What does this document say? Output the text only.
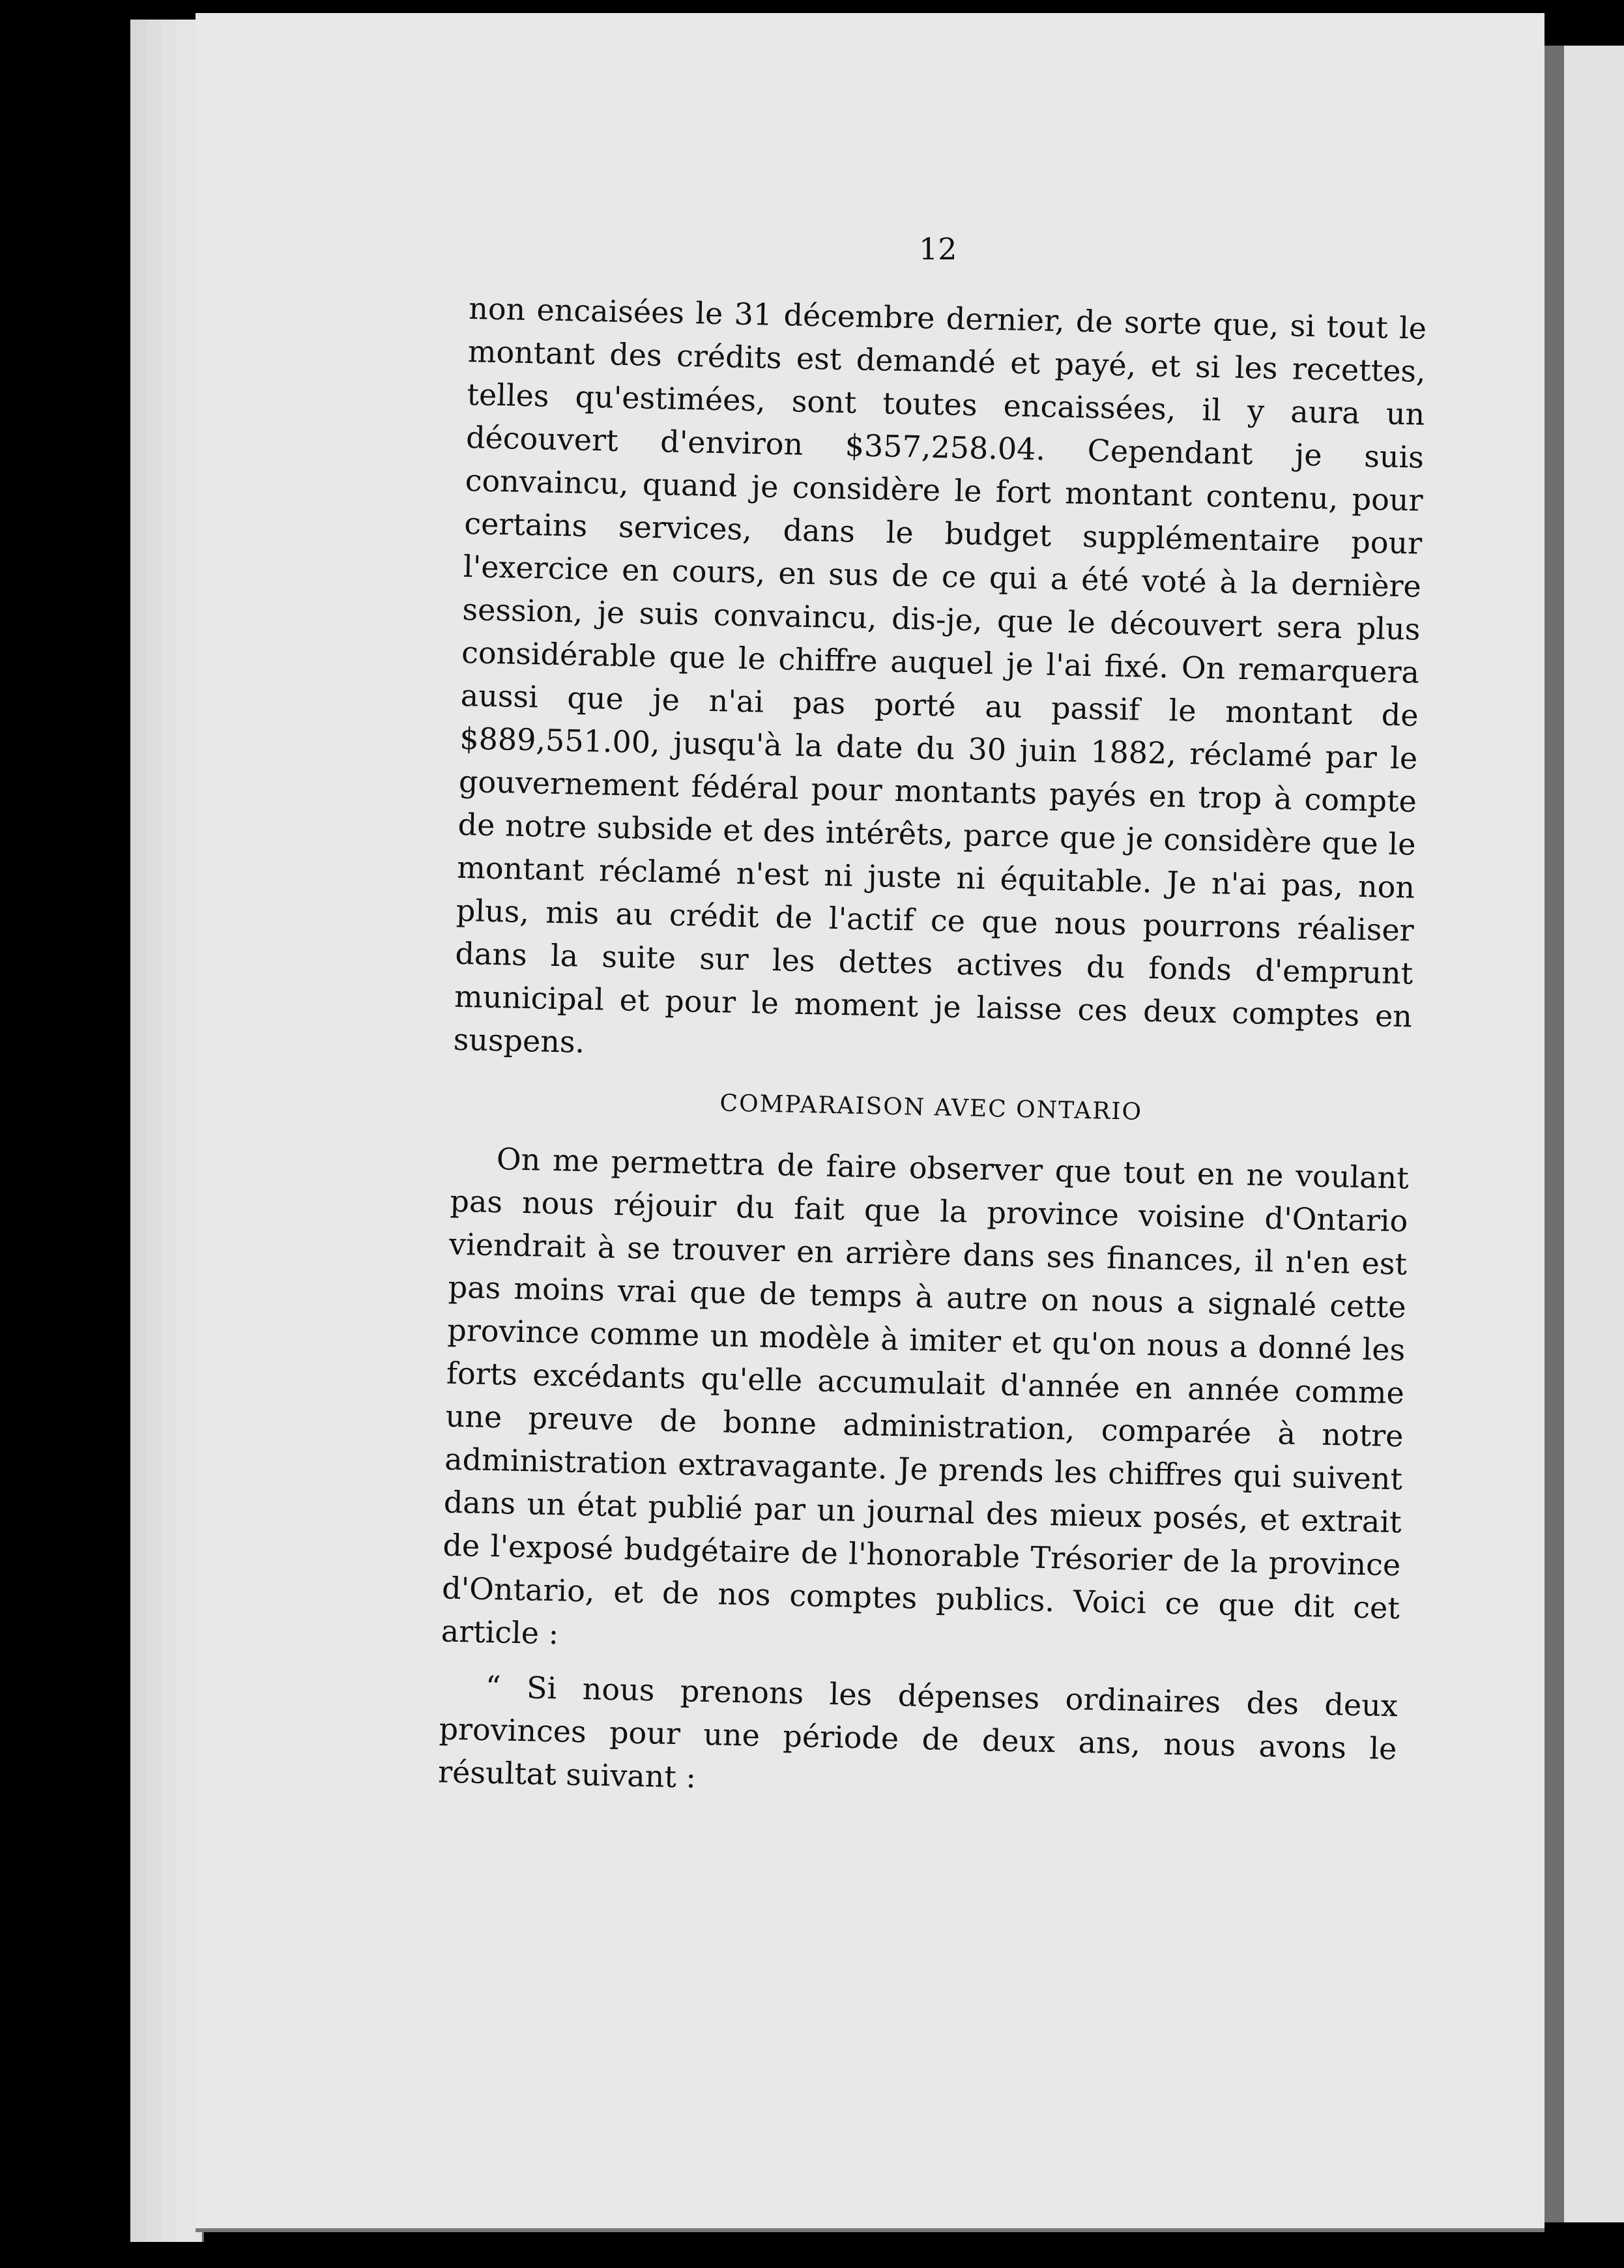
12

non encaisées le 31 décembre dernier, de sorte que, si tout le montant des crédits est demandé et payé, et si les recettes, telles qu'estimées, sont toutes encaissées, il y aura un découvert d'environ $357,258.04. Cependant je suis convaincu, quand je considère le fort montant contenu, pour certains services, dans le budget supplémentaire pour l'exercice en cours, en sus de ce qui a été voté à la dernière session, je suis convaincu, dis-je, que le découvert sera plus considérable que le chiffre auquel je l'ai fixé. On remarquera aussi que je n'ai pas porté au passif le montant de $889,551.00, jusqu'à la date du 30 juin 1882, réclamé par le gouvernement fédéral pour montants payés en trop à compte de notre subside et des intérêts, parce que je considère que le montant réclamé n'est ni juste ni équitable. Je n'ai pas, non plus, mis au crédit de l'actif ce que nous pourrons réaliser dans la suite sur les dettes actives du fonds d'emprunt municipal et pour le moment je laisse ces deux comptes en suspens.

COMPARAISON AVEC ONTARIO

On me permettra de faire observer que tout en ne voulant pas nous réjouir du fait que la province voisine d'Ontario viendrait à se trouver en arrière dans ses finances, il n'en est pas moins vrai que de temps à autre on nous a signalé cette province comme un modèle à imiter et qu'on nous a donné les forts excédants qu'elle accumulait d'année en année comme une preuve de bonne administration, comparée à notre administration extravagante. Je prends les chiffres qui suivent dans un état publié par un journal des mieux posés, et extrait de l'exposé budgétaire de l'honorable Trésorier de la province d'Ontario, et de nos comptes publics. Voici ce que dit cet article :

“ Si nous prenons les dépenses ordinaires des deux provinces pour une période de deux ans, nous avons le résultat suivant :
